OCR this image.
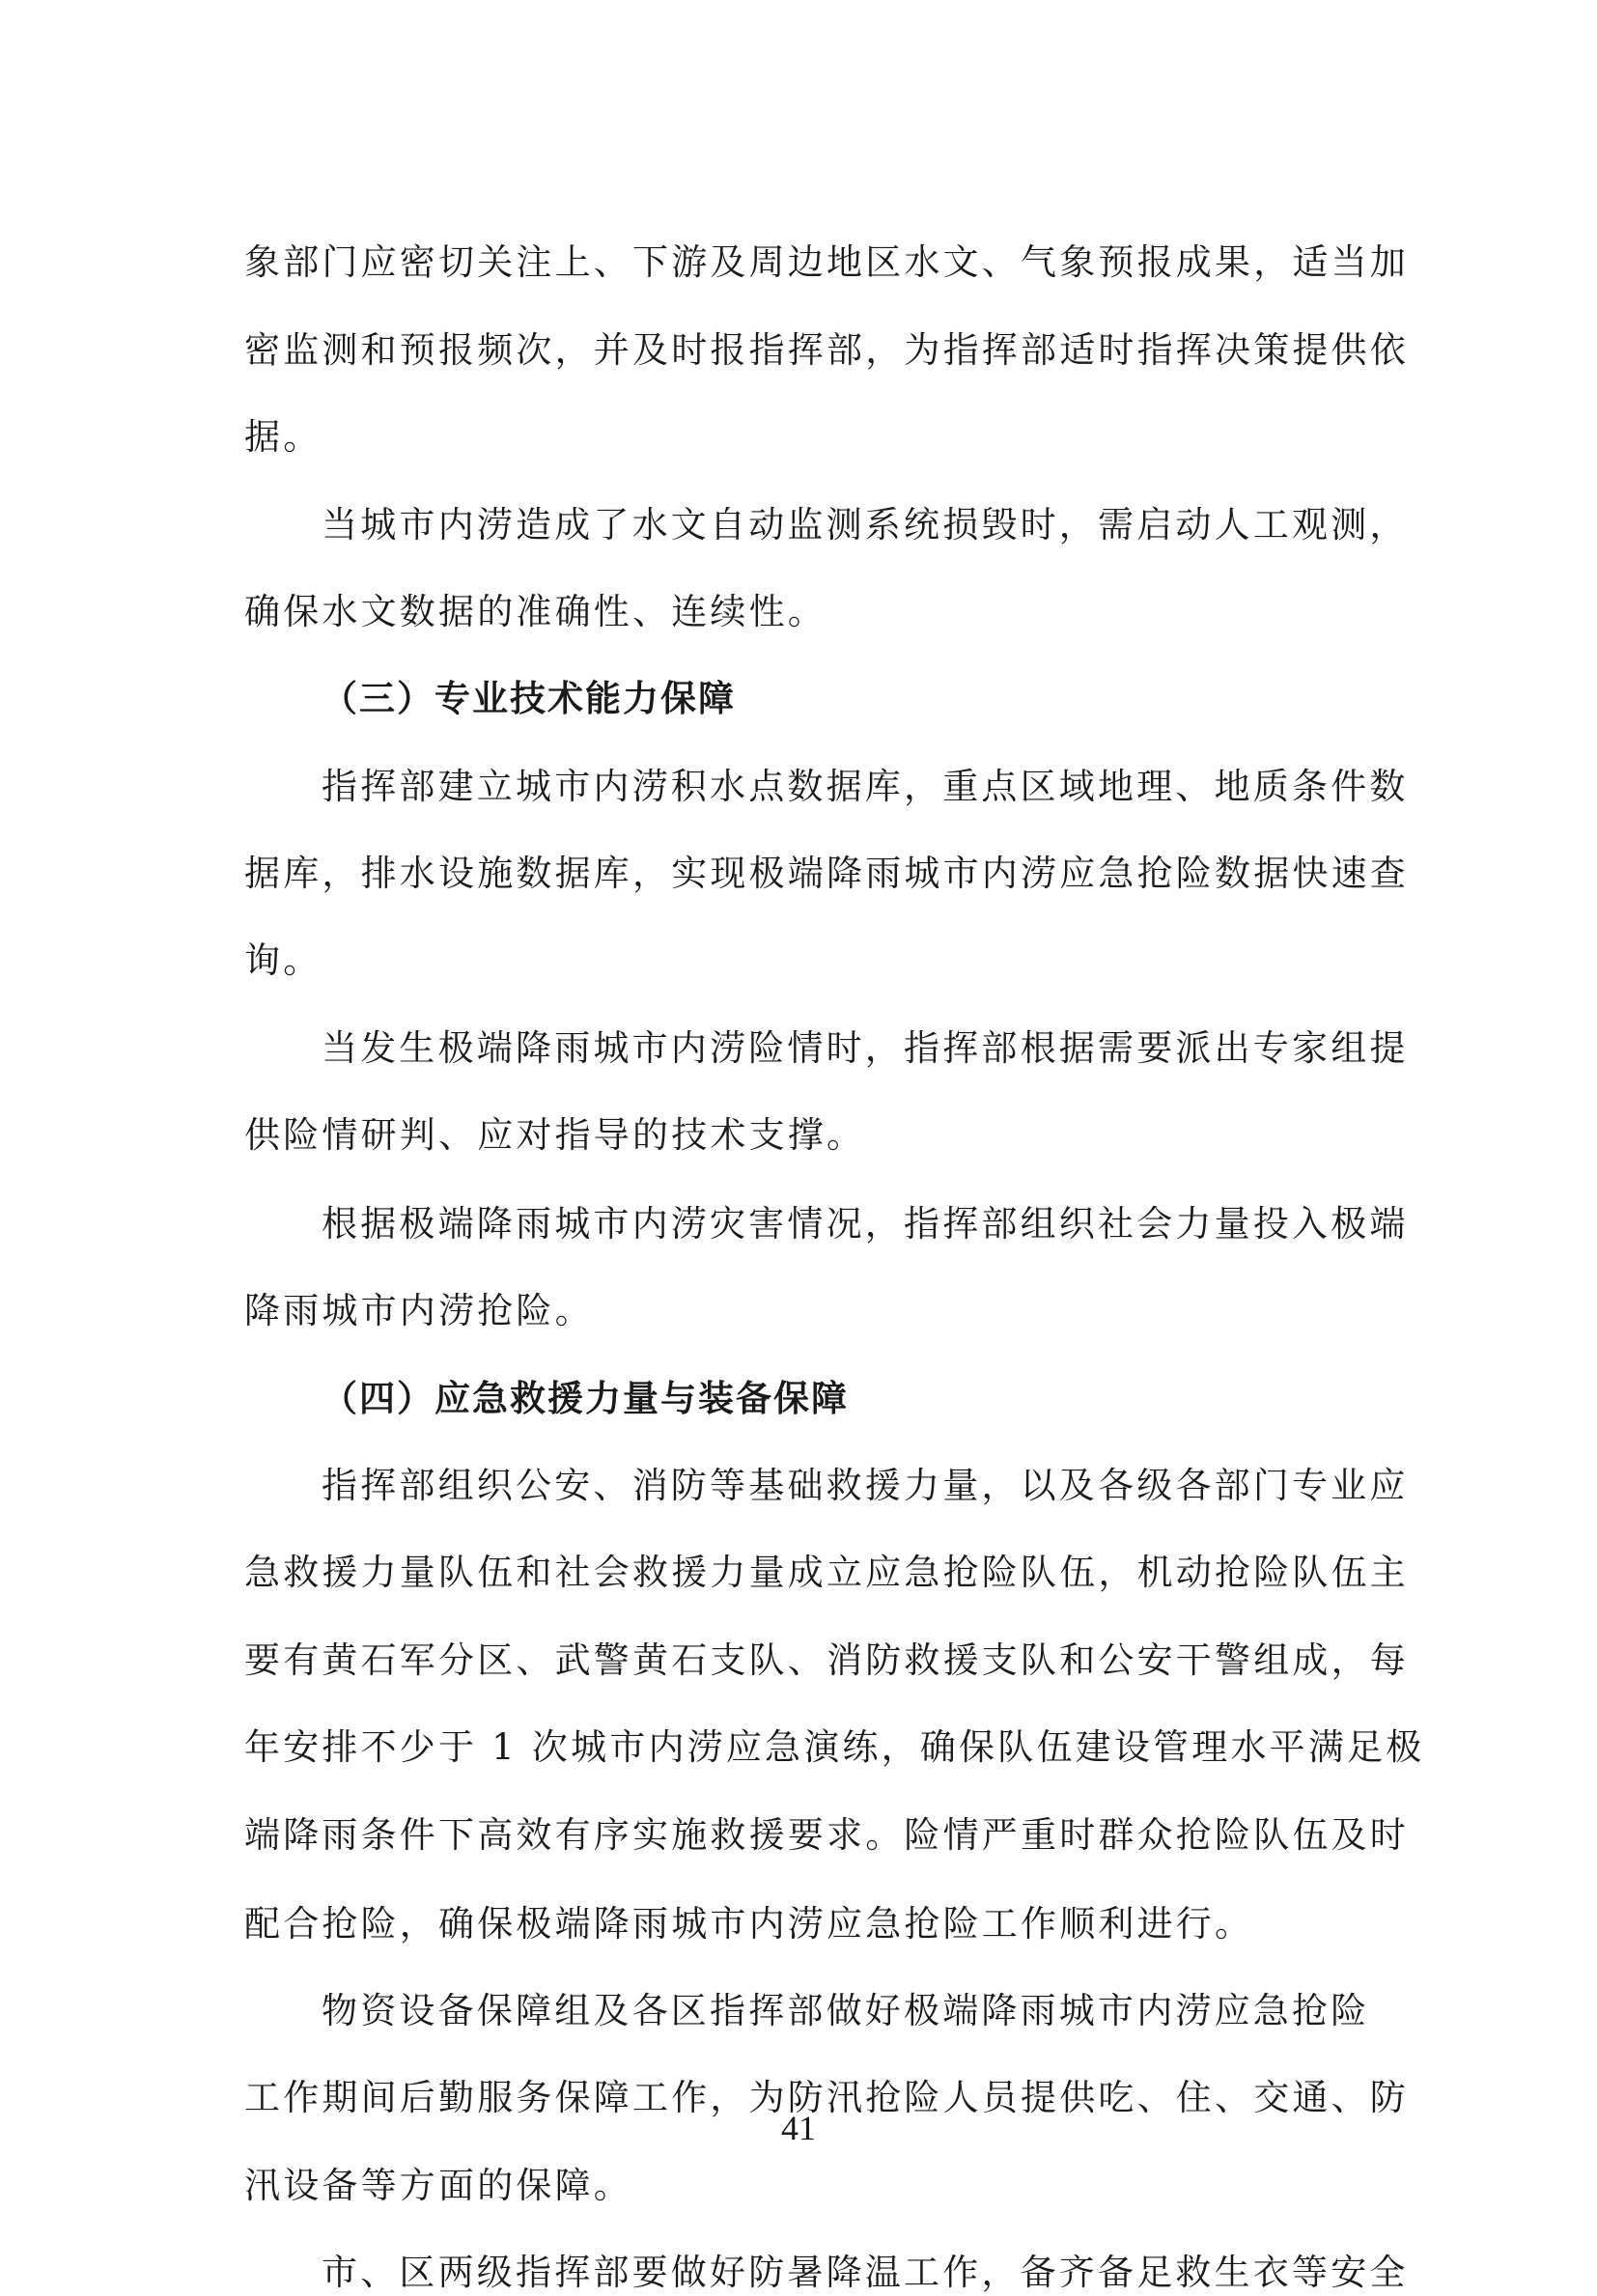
象部门应密切关注上、下游及周边地区水文、气象预报成果，适当加
密监测和预报频次，并及时报指挥部，为指挥部适时指挥决策提供依
据。
当城市内涝造成了水文自动监测系统损毁时，需启动人工观测，
确保水文数据的准确性、连续性。
（三）专业技术能力保障
指挥部建立城市内涝积水点数据库，重点区域地理、地质条件数
据库，排水设施数据库，实现极端降雨城市内涝应急抢险数据快速查
询。
当发生极端降雨城市内涝险情时，指挥部根据需要派出专家组提
供险情研判、应对指导的技术支撑。
根据极端降雨城市内涝灾害情况，指挥部组织社会力量投入极端
降雨城市内涝抢险。
（四）应急救援力量与装备保障
指挥部组织公安、消防等基础救援力量，以及各级各部门专业应
急救援力量队伍和社会救援力量成立应急抢险队伍，机动抢险队伍主
要有黄石军分区、武警黄石支队、消防救援支队和公安干警组成，每
年安排不少于 1 次城市内涝应急演练，确保队伍建设管理水平满足极
端降雨条件下高效有序实施救援要求。险情严重时群众抢险队伍及时
配合抢险，确保极端降雨城市内涝应急抢险工作顺利进行。
物资设备保障组及各区指挥部做好极端降雨城市内涝应急抢险
工作期间后勤服务保障工作，为防汛抢险人员提供吃、住、交通、防
汛设备等方面的保障。
市、区两级指挥部要做好防暑降温工作，备齐备足救生衣等安全
41
